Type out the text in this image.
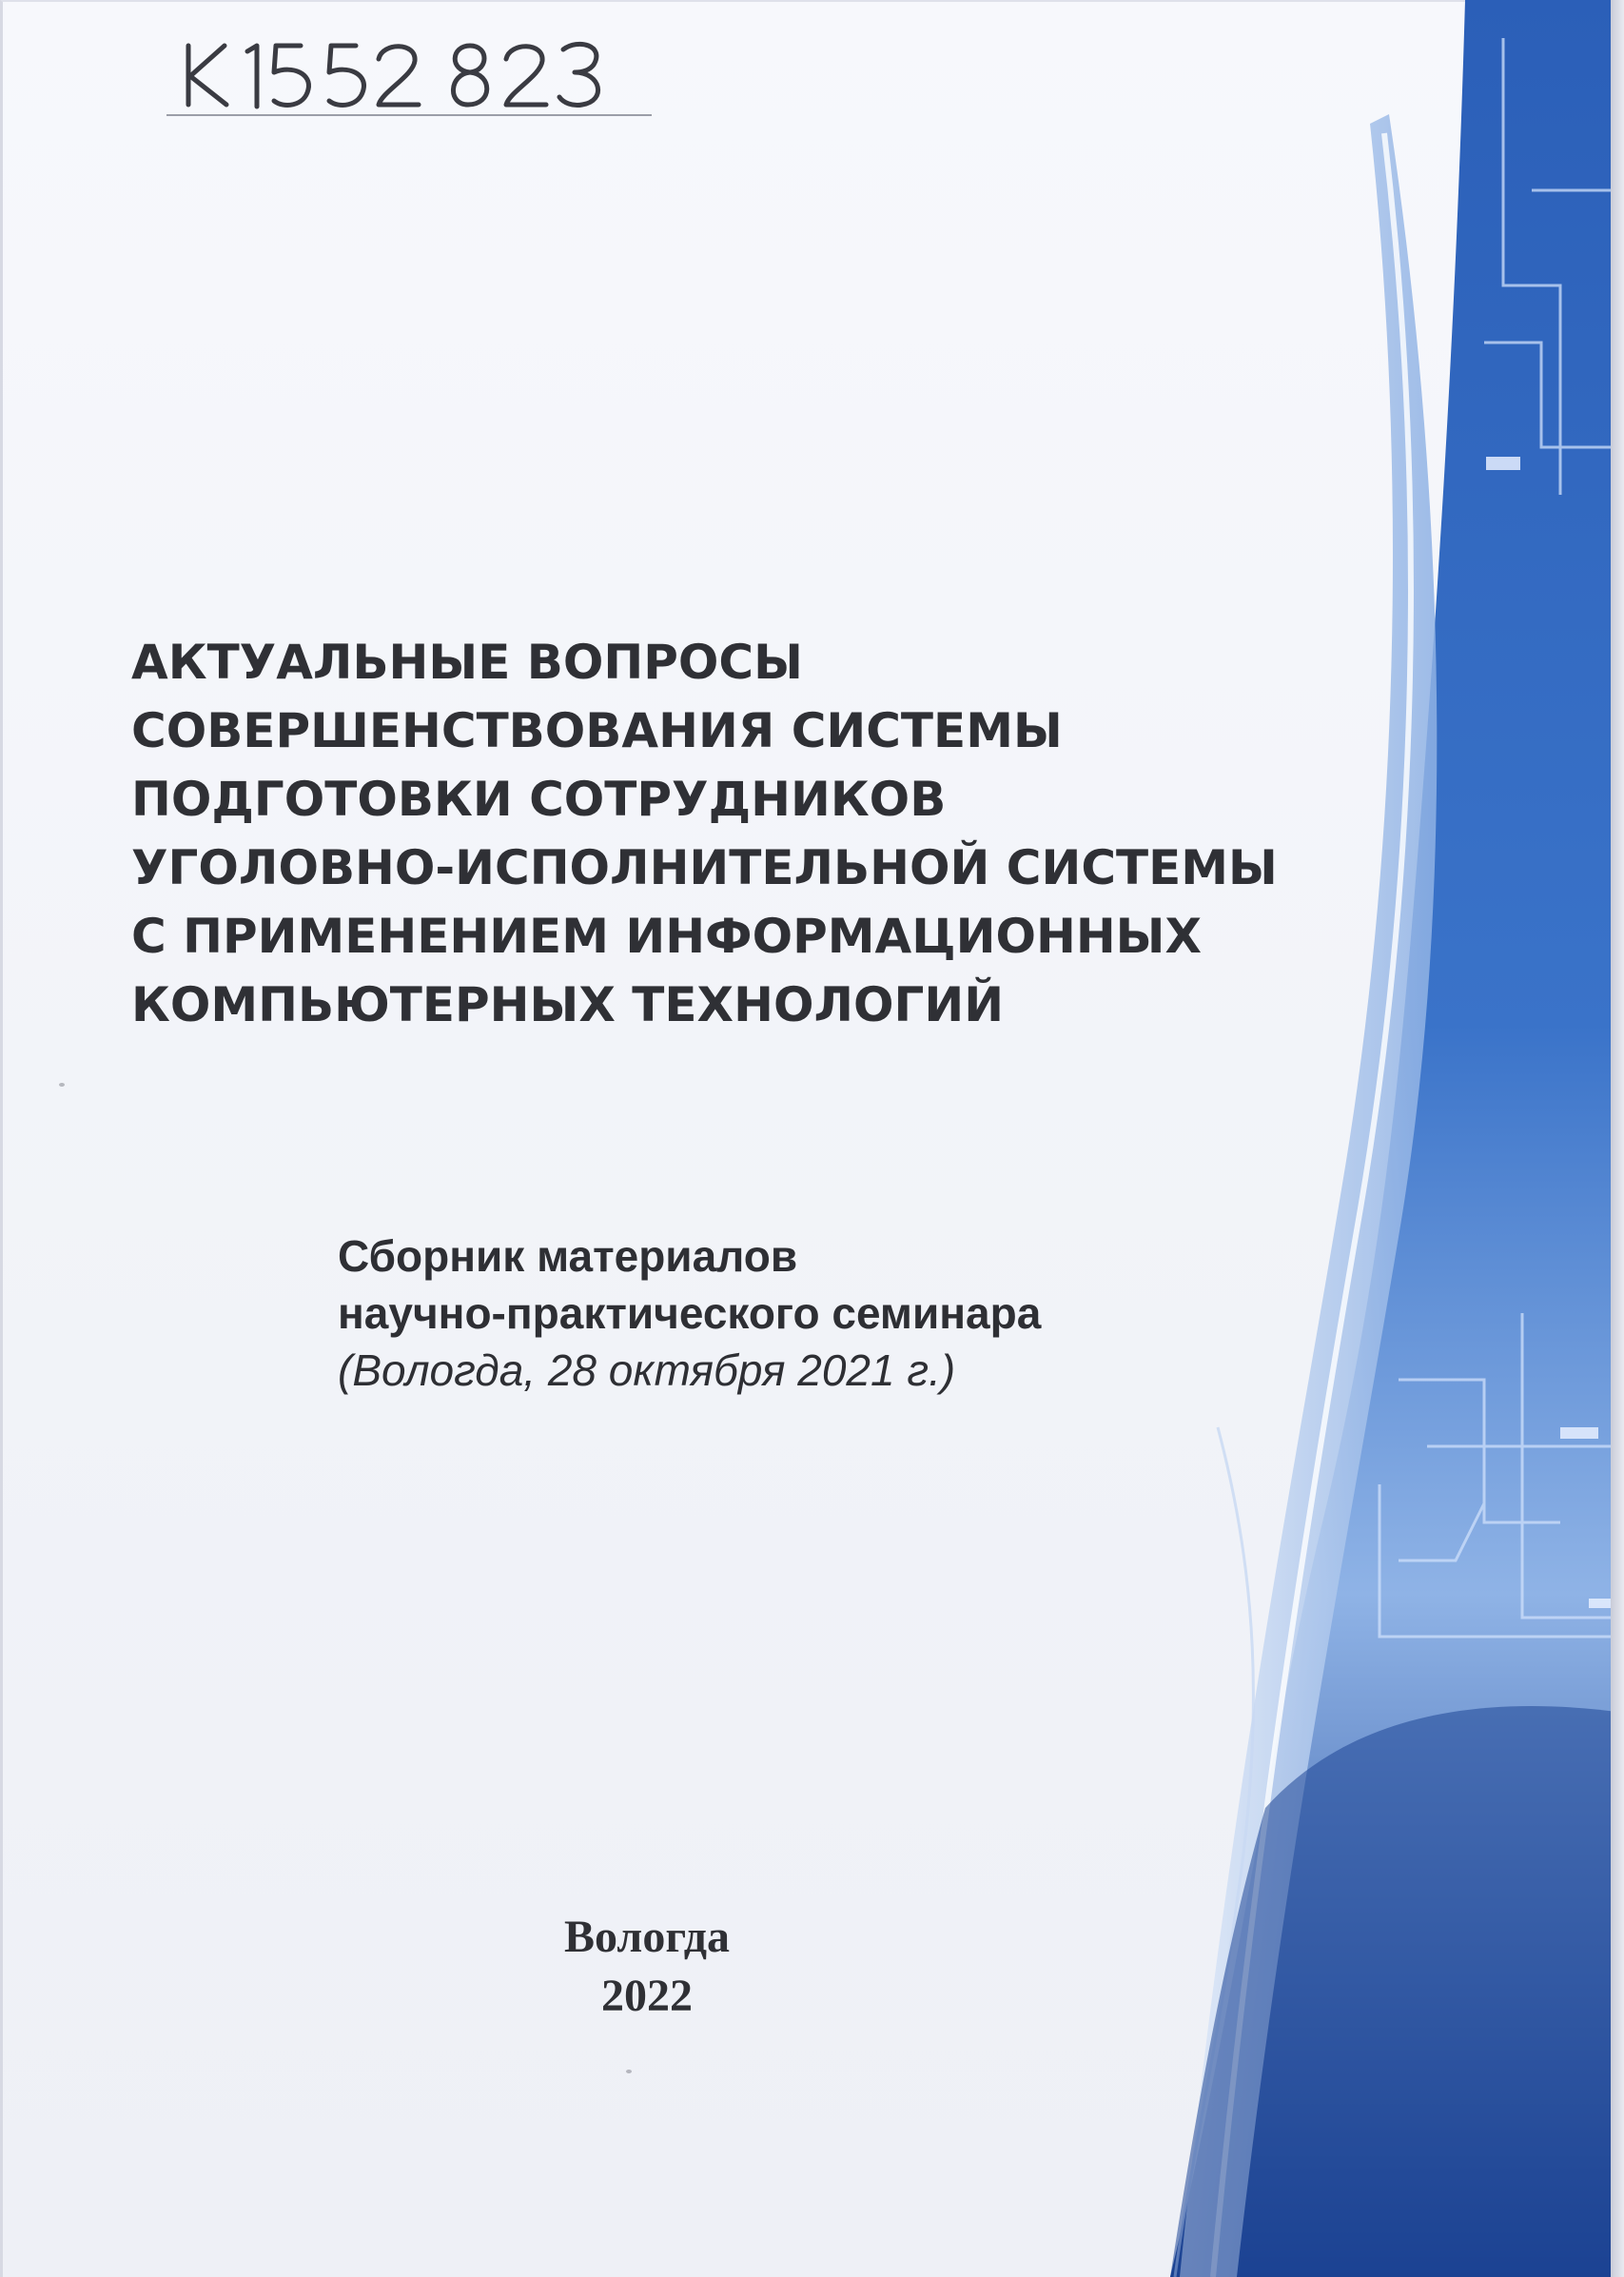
АКТУАЛЬНЫЕ ВОПРОСЫ
СОВЕРШЕНСТВОВАНИЯ СИСТЕМЫ
ПОДГОТОВКИ СОТРУДНИКОВ
УГОЛОВНО-ИСПОЛНИТЕЛЬНОЙ СИСТЕМЫ
С ПРИМЕНЕНИЕМ ИНФОРМАЦИОННЫХ
КОМПЬЮТЕРНЫХ ТЕХНОЛОГИЙ
Сборник материалов
научно-практического семинара
(Вологда, 28 октября 2021 г.)
Вологда
2022
